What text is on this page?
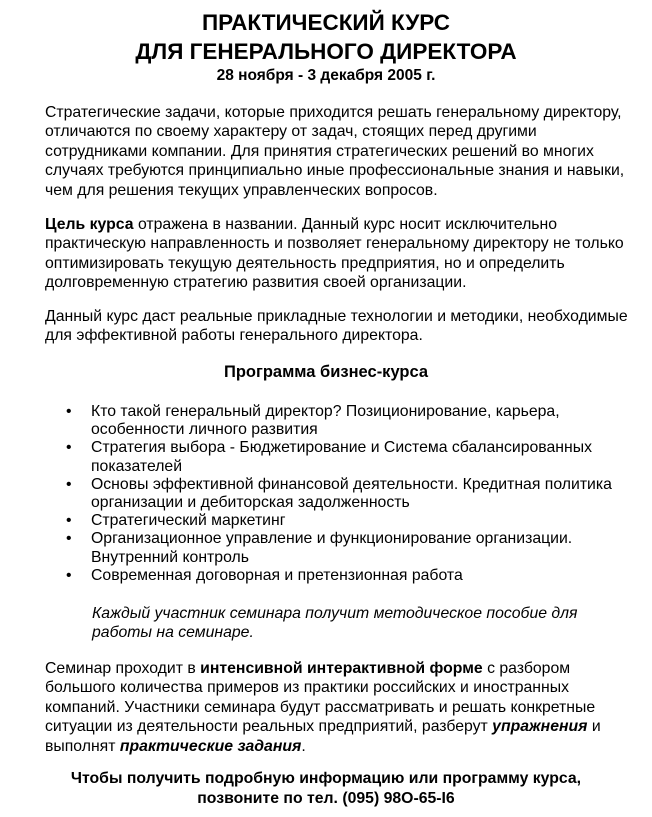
ПРАКТИЧЕСКИЙ КУРС

ДЛЯ ГЕНЕРАЛЬНОГО ДИРЕКТОРА

28 ноября - 3 декабря 2005 г.

Стратегические задачи, которые приходится решать генеральному директору, отличаются по своему характеру от задач, стоящих перед другими сотрудниками компании. Для принятия стратегических решений во многих случаях требуются принципиально иные профессиональные знания и навыки, чем для решения текущих управленческих вопросов.

Цель курса отражена в названии. Данный курс носит исключительно практическую направленность и позволяет генеральному директору не только оптимизировать текущую деятельность предприятия, но и определить долговременную стратегию развития своей организации.

Данный курс даст реальные прикладные технологии и методики, необходимые для эффективной работы генерального директора.

Программа бизнес-курса

• Кто такой генеральный директор? Позиционирование, карьера, особенности личного развития
• Стратегия выбора - Бюджетирование и Система сбалансированных показателей
• Основы эффективной финансовой деятельности. Кредитная политика организации и дебиторская задолженность
• Стратегический маркетинг
• Организационное управление и функционирование организации. Внутренний контроль
• Современная договорная и претензионная работа

Каждый участник семинара получит методическое пособие для работы на семинаре.

Семинар проходит в интенсивной интерактивной форме с разбором большого количества примеров из практики российских и иностранных компаний. Участники семинара будут рассматривать и решать конкретные ситуации из деятельности реальных предприятий, разберут упражнения и выполнят практические задания.

Чтобы получить подробную информацию или программу курса,
позвоните по тел. (095) 98О-65-I6
